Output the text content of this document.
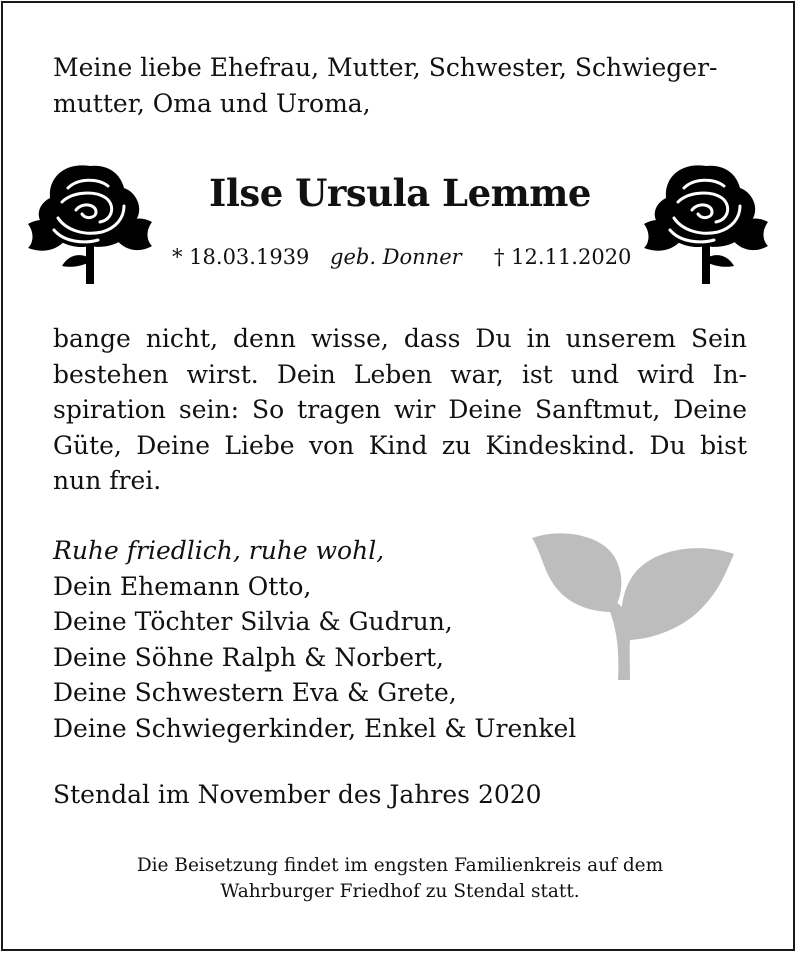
Meine liebe Ehefrau, Mutter, Schwester, Schwieger-
mutter, Oma und Uroma,
Ilse Ursula Lemme
* 18.03.1939 geb. Donner † 12.11.2020
bange nicht, denn wisse, dass Du in unserem Sein
bestehen wirst. Dein Leben war, ist und wird In-
spiration sein: So tragen wir Deine Sanftmut, Deine
Güte, Deine Liebe von Kind zu Kindeskind. Du bist
nun frei.
Ruhe friedlich, ruhe wohl,
Dein Ehemann Otto,
Deine Töchter Silvia & Gudrun,
Deine Söhne Ralph & Norbert,
Deine Schwestern Eva & Grete,
Deine Schwiegerkinder, Enkel & Urenkel
Stendal im November des Jahres 2020
Die Beisetzung findet im engsten Familienkreis auf dem
Wahrburger Friedhof zu Stendal statt.
